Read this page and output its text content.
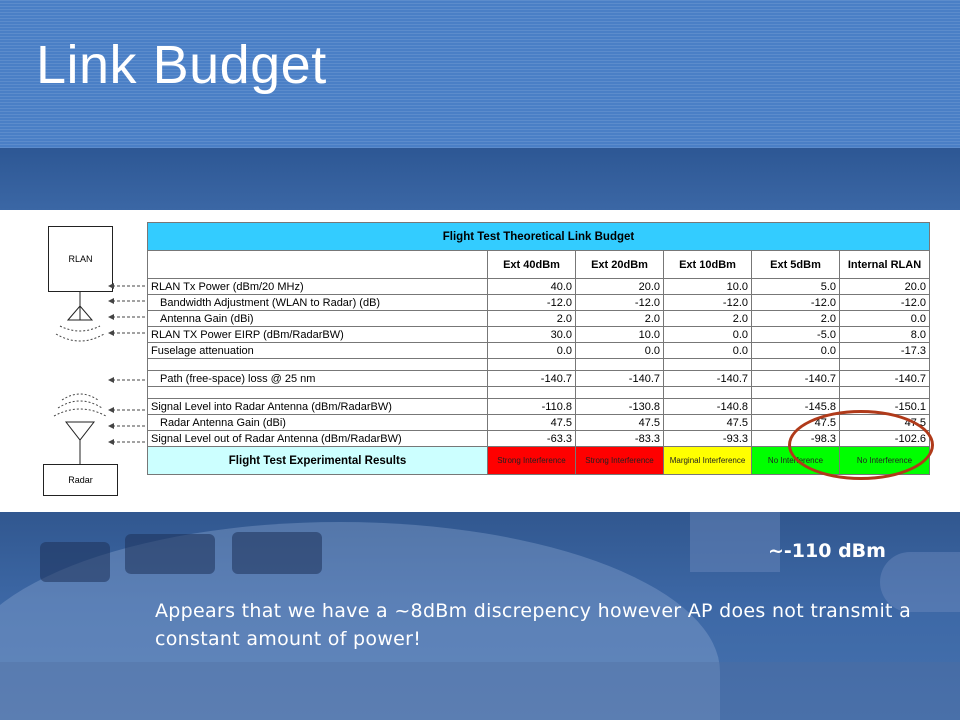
Link Budget
RLAN
Radar
Flight Test Theoretical Link Budget					
	Ext 40dBm	Ext 20dBm	Ext 10dBm	Ext 5dBm	Internal RLAN
RLAN Tx Power (dBm/20 MHz)	40.0	20.0	10.0	5.0	20.0
Bandwidth Adjustment (WLAN to Radar) (dB)	-12.0	-12.0	-12.0	-12.0	-12.0
Antenna Gain (dBi)	2.0	2.0	2.0	2.0	0.0
RLAN TX Power EIRP (dBm/RadarBW)	30.0	10.0	0.0	-5.0	8.0
Fuselage attenuation	0.0	0.0	0.0	0.0	-17.3

Path (free-space) loss @ 25 nm	-140.7	-140.7	-140.7	-140.7	-140.7

Signal Level into Radar Antenna (dBm/RadarBW)	-110.8	-130.8	-140.8	-145.8	-150.1
Radar Antenna Gain (dBi)	47.5	47.5	47.5	47.5	47.5
Signal Level out of Radar Antenna (dBm/RadarBW)	-63.3	-83.3	-93.3	-98.3	-102.6
Flight Test Experimental Results	Strong Interference	Strong Interference	Marginal Interference	No Interference	No Interference
~-110 dBm
Appears that we have a ~8dBm discrepency however AP does not transmit a constant amount of power!
